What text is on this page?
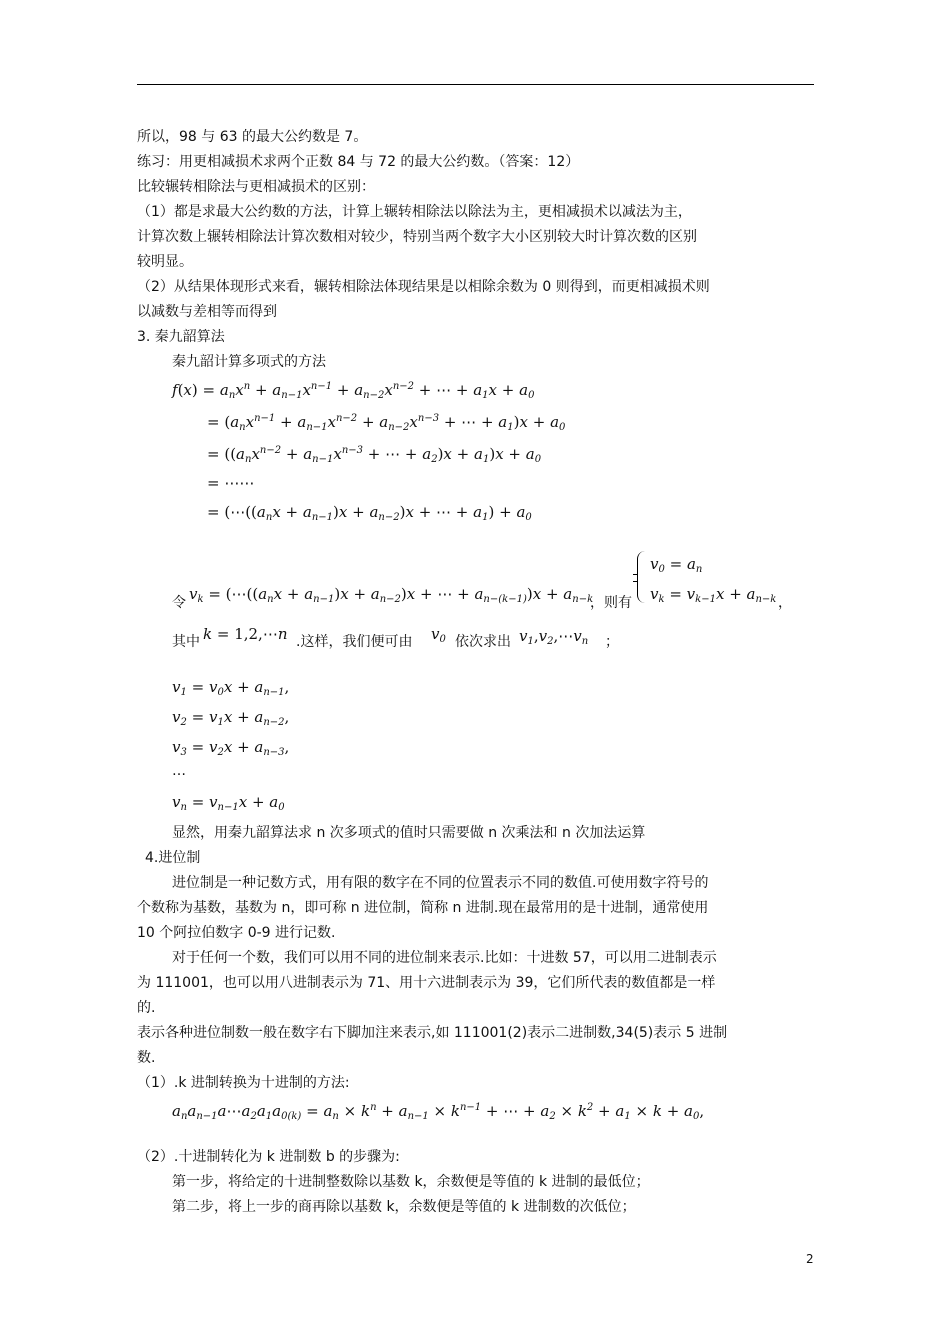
所以，98 与 63 的最大公约数是 7。
练习：用更相减损术求两个正数 84 与 72 的最大公约数。（答案：12）
比较辗转相除法与更相减损术的区别：
（1）都是求最大公约数的方法，计算上辗转相除法以除法为主，更相减损术以减法为主，
计算次数上辗转相除法计算次数相对较少，特别当两个数字大小区别较大时计算次数的区别
较明显。
（2）从结果体现形式来看，辗转相除法体现结果是以相除余数为 0 则得到，而更相减损术则
以减数与差相等而得到
3. 秦九韶算法
秦九韶计算多项式的方法
$f(x) = a_nx^n + a_{n-1}x^{n-1} + a_{n-2}x^{n-2}$ + ⋯ + $a_1x + a_0$
= ($a_nx^{n-1} + a_{n-1}x^{n-2} + a_{n-2}x^{n-3}$ + ⋯ + $a_1)x + a_0$
= (($a_nx^{n-2} + a_{n-1}x^{n-3}$ + ⋯ + $a_2)x + a_1)x + a_0$
= ⋯⋯
= ($\cdots((a_nx + a_{n-1})x + a_{n-2})x$ + ⋯ + $a_1) + a_0$
令 $v_k$ = ($\cdots((a_nx + a_{n-1})x + a_{n-2})x$ + ⋯ + $a_{n-(k-1)})x + a_{n-k}$
，则有
$v_0 = a_n$
$v_k = v_{k-1}x + a_{n-k}$ ，
其中 k = 1,2,⋯n .这样，我们便可由 $v_0$ 依次求出 $v_1,v_2,\cdots v_n$ ；
$v_1 = v_0x + a_{n-1}$,
$v_2 = v_1x + a_{n-2}$,
$v_3 = v_2x + a_{n-3}$,
…
$v_n = v_{n-1}x + a_0$
显然，用秦九韶算法求 n 次多项式的值时只需要做 n 次乘法和 n 次加法运算
4.进位制
进位制是一种记数方式，用有限的数字在不同的位置表示不同的数值.可使用数字符号的
个数称为基数，基数为 n，即可称 n 进位制，简称 n 进制.现在最常用的是十进制，通常使用
10 个阿拉伯数字 0-9 进行记数.
对于任何一个数，我们可以用不同的进位制来表示.比如：十进数 57，可以用二进制表示
为 111001，也可以用八进制表示为 71、用十六进制表示为 39，它们所代表的数值都是一样
的.
表示各种进位制数一般在数字右下脚加注来表示,如 111001(2)表示二进制数,34(5)表示 5 进制
数.
（1）.k 进制转换为十进制的方法:
$a_na_{n-1}a\cdots a_2a_1a_{0(k)} = a_n \times k^n + a_{n-1} \times k^{n-1}$ + ⋯ + $a_2 \times k^2 + a_1 \times k + a_0$,
（2）.十进制转化为 k 进制数 b 的步骤为:
第一步，将给定的十进制整数除以基数 k，余数便是等值的 k 进制的最低位；
第二步，将上一步的商再除以基数 k，余数便是等值的 k 进制数的次低位；
2
